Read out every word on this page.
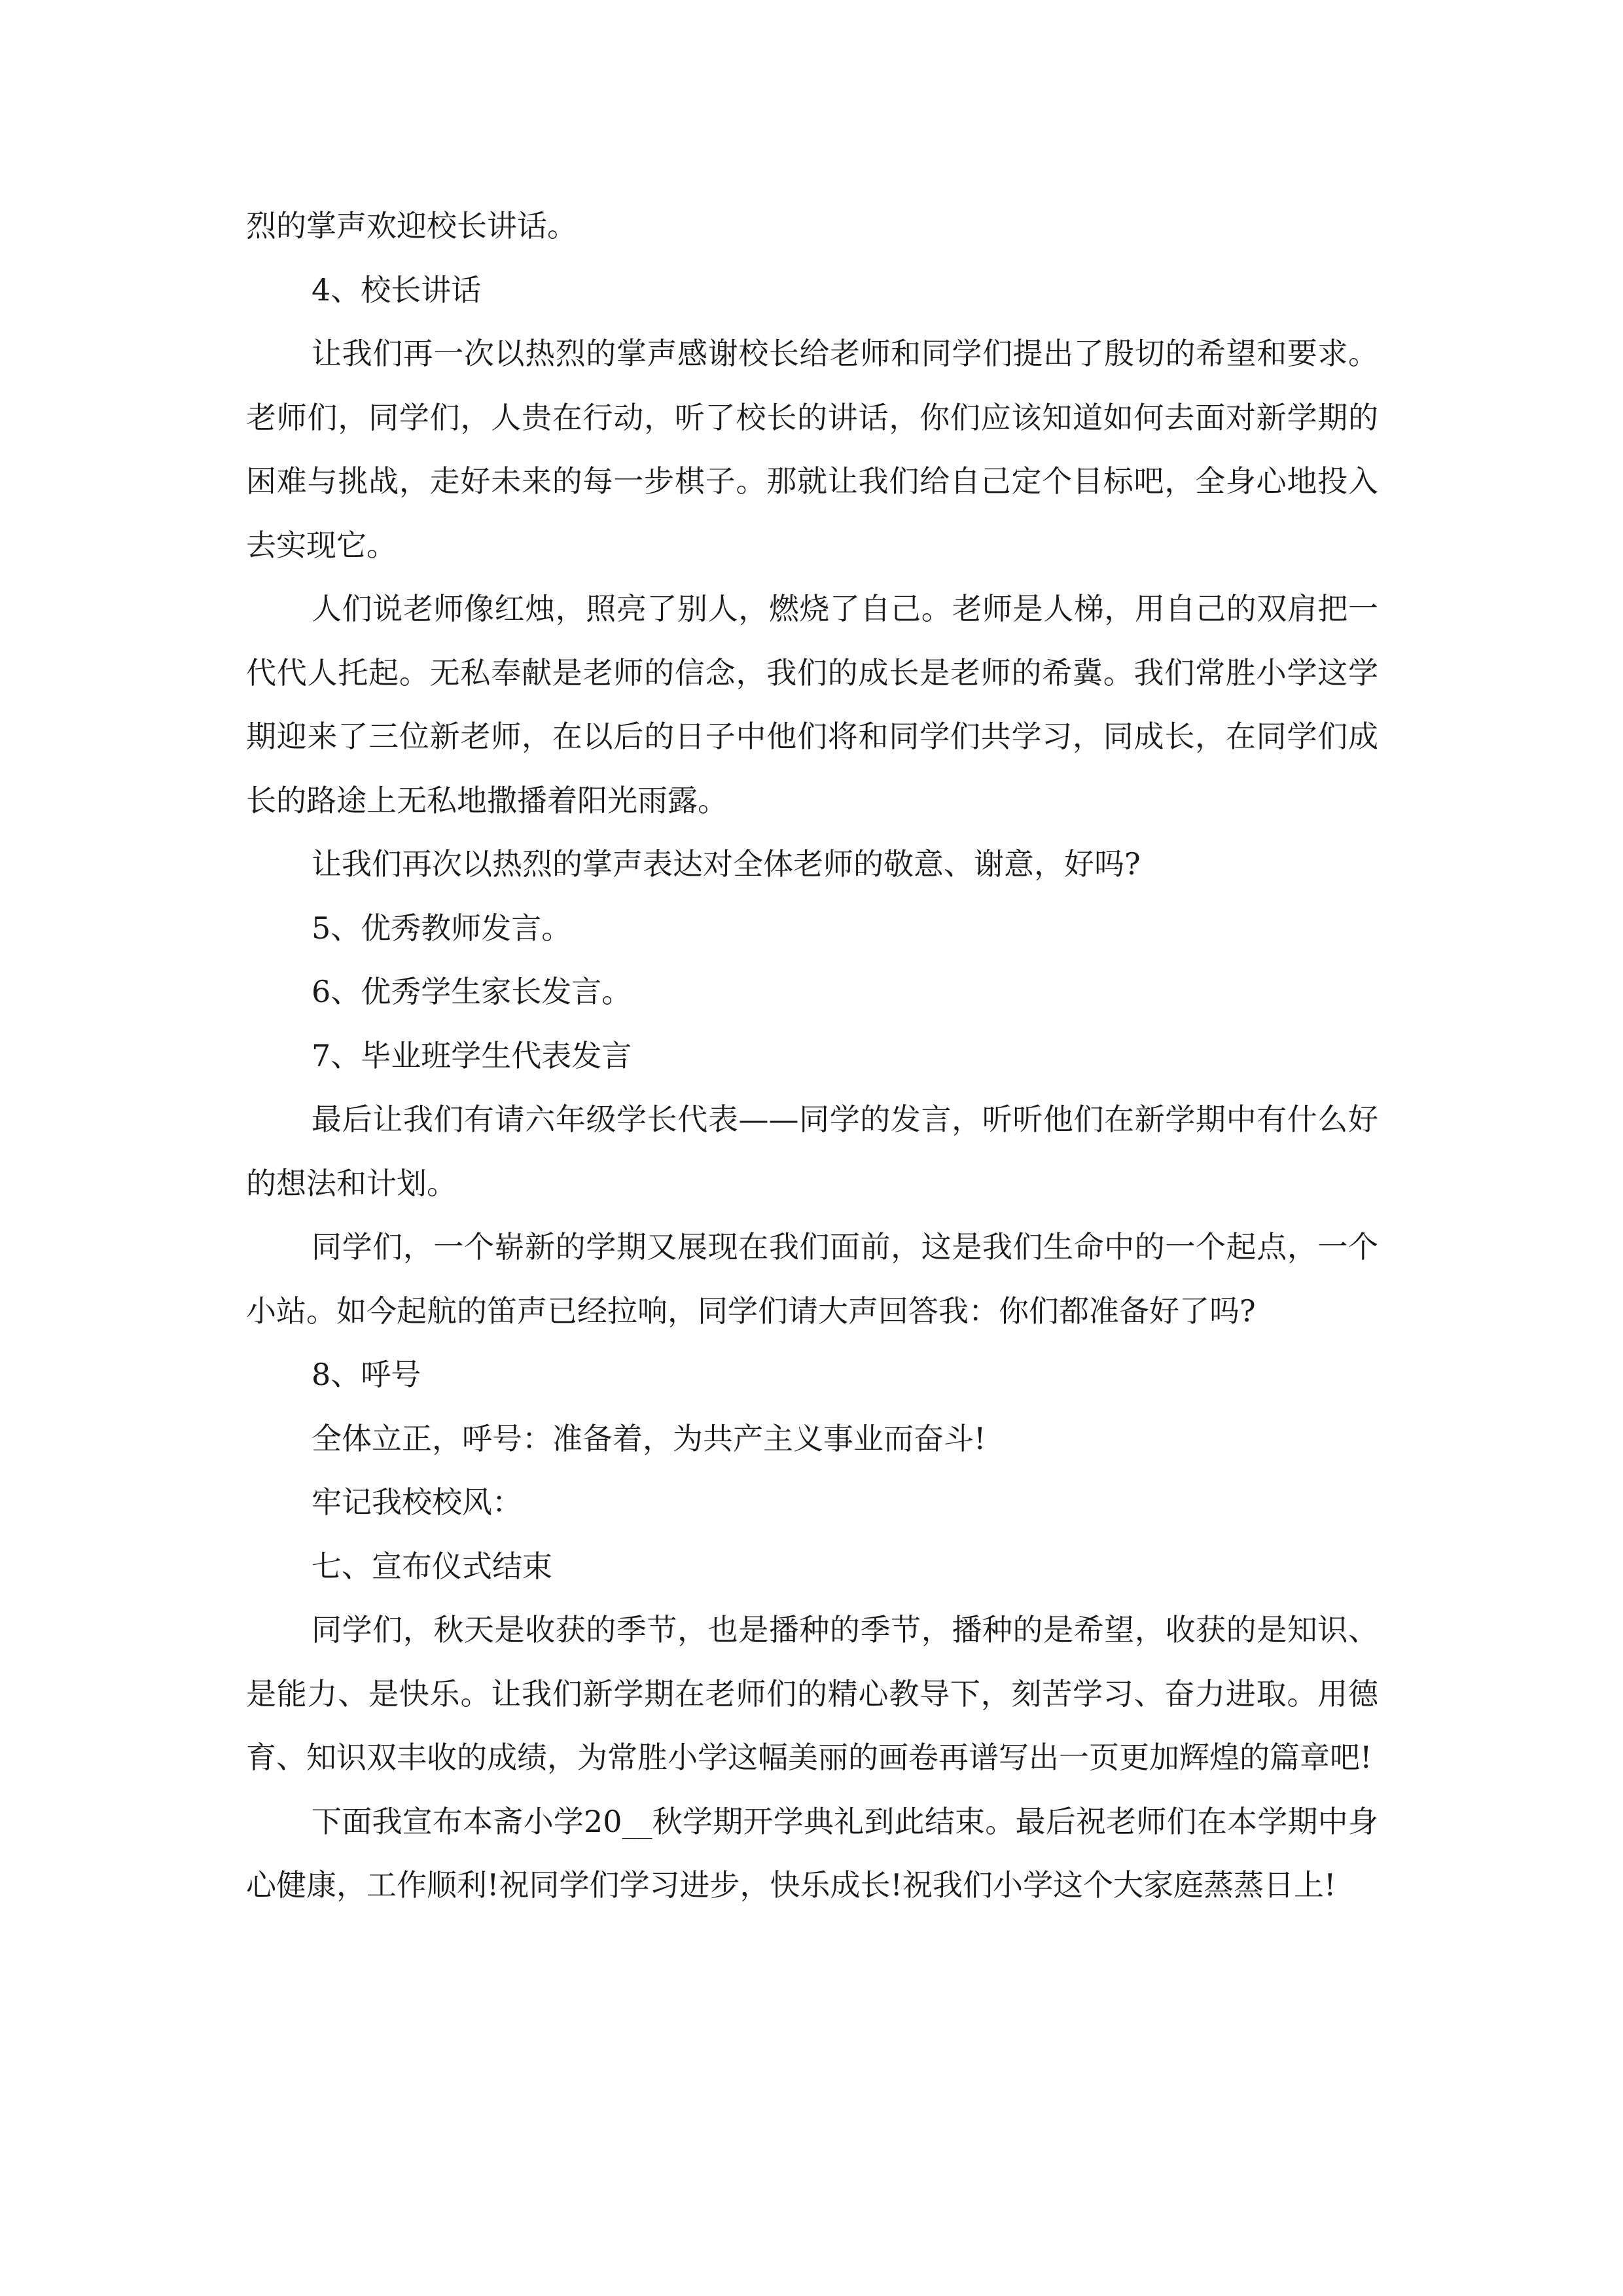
烈的掌声欢迎校长讲话。

4、校长讲话

让我们再一次以热烈的掌声感谢校长给老师和同学们提出了殷切的希望和要求。老师们，同学们，人贵在行动，听了校长的讲话，你们应该知道如何去面对新学期的困难与挑战，走好未来的每一步棋子。那就让我们给自己定个目标吧，全身心地投入去实现它。

人们说老师像红烛，照亮了别人，燃烧了自己。老师是人梯，用自己的双肩把一代代人托起。无私奉献是老师的信念，我们的成长是老师的希冀。我们常胜小学这学期迎来了三位新老师，在以后的日子中他们将和同学们共学习，同成长，在同学们成长的路途上无私地撒播着阳光雨露。

让我们再次以热烈的掌声表达对全体老师的敬意、谢意，好吗?

5、优秀教师发言。

6、优秀学生家长发言。

7、毕业班学生代表发言

最后让我们有请六年级学长代表——同学的发言，听听他们在新学期中有什么好的想法和计划。

同学们，一个崭新的学期又展现在我们面前，这是我们生命中的一个起点，一个小站。如今起航的笛声已经拉响，同学们请大声回答我：你们都准备好了吗?

8、呼号

全体立正，呼号：准备着，为共产主义事业而奋斗!

牢记我校校风：

七、宣布仪式结束

同学们，秋天是收获的季节，也是播种的季节，播种的是希望，收获的是知识、是能力、是快乐。让我们新学期在老师们的精心教导下，刻苦学习、奋力进取。用德育、知识双丰收的成绩，为常胜小学这幅美丽的画卷再谱写出一页更加辉煌的篇章吧!

下面我宣布本斋小学20__秋学期开学典礼到此结束。最后祝老师们在本学期中身心健康，工作顺利!祝同学们学习进步，快乐成长!祝我们小学这个大家庭蒸蒸日上!
